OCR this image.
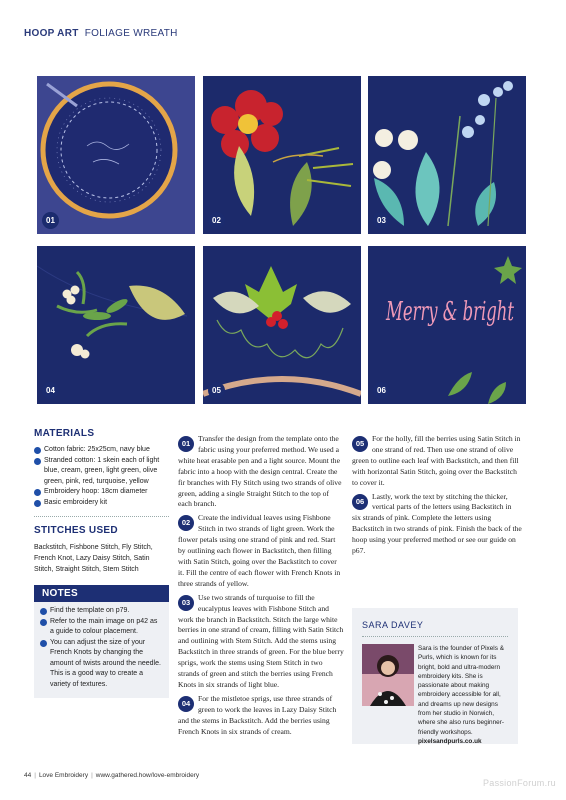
HOOP ART FOLIAGE WREATH
01	02	03
04	05
Merry & bright
06
MATERIALS
Cotton fabric: 25x25cm, navy blue
Stranded cotton: 1 skein each of light blue, cream, green, light green, olive green, pink, red, turquoise, yellow
Embroidery hoop: 18cm diameter
Basic embroidery kit
STITCHES USED
Backstitch, Fishbone Stitch, Fly Stitch, French Knot, Lazy Daisy Stitch, Satin Stitch, Straight Stitch, Stem Stitch
NOTES
Find the template on p79.
Refer to the main image on p42 as a guide to colour placement.
You can adjust the size of your French Knots by changing the amount of twists around the needle. This is a good way to create a variety of textures.

01
Transfer the design from the template onto the fabric using your preferred method. We used a white heat erasable pen and a light source. Mount the fabric into a hoop with the design central. Create the fir branches with Fly Stitch using two strands of olive green, adding a single Straight Stitch to the top of each branch.

02
Create the individual leaves using Fishbone Stitch in two strands of light green. Work the flower petals using one strand of pink and red. Start by outlining each flower in Backstitch, then filling with Satin Stitch, going over the Backstitch to cover it. Fill the centre of each flower with French Knots in three strands of yellow.

03
Use two strands of turquoise to fill the eucalyptus leaves with Fishbone Stitch and work the branch in Backstitch. Stitch the large white berries in one strand of cream, filling with Satin Stitch and outlining with Stem Stitch. Add the stems using Backstitch in three strands of green. For the blue berry sprigs, work the stems using Stem Stitch in two strands of green and stitch the berries using French Knots in six strands of light blue.

04
For the mistletoe sprigs, use three strands of green to work the leaves in Lazy Daisy Stitch and the stems in Backstitch. Add the berries using French Knots in six strands of cream.

05
For the holly, fill the berries using Satin Stitch in one strand of red. Then use one strand of olive green to outline each leaf with Backstitch, and then fill with horizontal Satin Stitch, going over the Backstitch to cover it.

06
Lastly, work the text by stitching the thicker, vertical parts of the letters using Backstitch in six strands of pink. Complete the letters using Backstitch in two strands of pink. Finish the back of the hoop using your preferred method or see our guide on p67.

SARA DAVEY
Sara is the founder of Pixels & Purls, which is known for its bright, bold and ultra-modern embroidery kits. She is passionate about making embroidery accessible for all, and dreams up new designs from her studio in Norwich, where she also runs beginner-friendly workshops. pixelsandpurls.co.uk
44 | Love Embroidery | www.gathered.how/love-embroidery
PassionForum.ru
